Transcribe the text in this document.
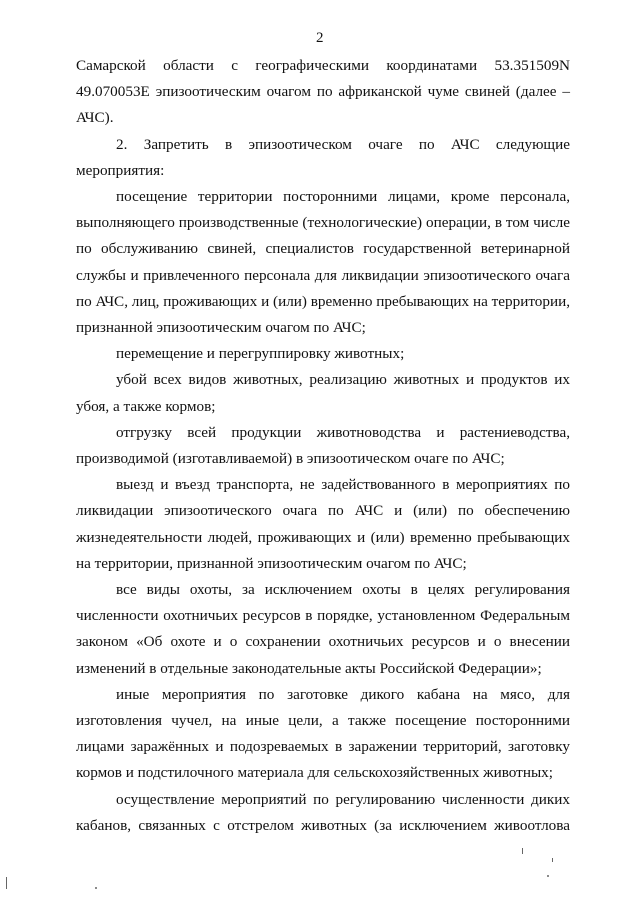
2

Самарской области с географическими координатами 53.351509N 49.070053E эпизоотическим очагом по африканской чуме свиней (далее – АЧС).

2. Запретить в эпизоотическом очаге по АЧС следующие мероприятия:

посещение территории посторонними лицами, кроме персонала, выполняющего производственные (технологические) операции, в том числе по обслуживанию свиней, специалистов государственной ветеринарной службы и привлеченного персонала для ликвидации эпизоотического очага по АЧС, лиц, проживающих и (или) временно пребывающих на территории, признанной эпизоотическим очагом по АЧС;

перемещение и перегруппировку животных;

убой всех видов животных, реализацию животных и продуктов их убоя, а также кормов;

отгрузку всей продукции животноводства и растениеводства, производимой (изготавливаемой) в эпизоотическом очаге по АЧС;

выезд и въезд транспорта, не задействованного в мероприятиях по ликвидации эпизоотического очага по АЧС и (или) по обеспечению жизнедеятельности людей, проживающих и (или) временно пребывающих на территории, признанной эпизоотическим очагом по АЧС;

все виды охоты, за исключением охоты в целях регулирования численности охотничьих ресурсов в порядке, установленном Федеральным законом «Об охоте и о сохранении охотничьих ресурсов и о внесении изменений в отдельные законодательные акты Российской Федерации»;

иные мероприятия по заготовке дикого кабана на мясо, для изготовления чучел, на иные цели, а также посещение посторонними лицами заражённых и подозреваемых в заражении территорий, заготовку кормов и подстилочного материала для сельскохозяйственных животных;

осуществление мероприятий по регулированию численности диких кабанов, связанных с отстрелом животных (за исключением живоотлова
